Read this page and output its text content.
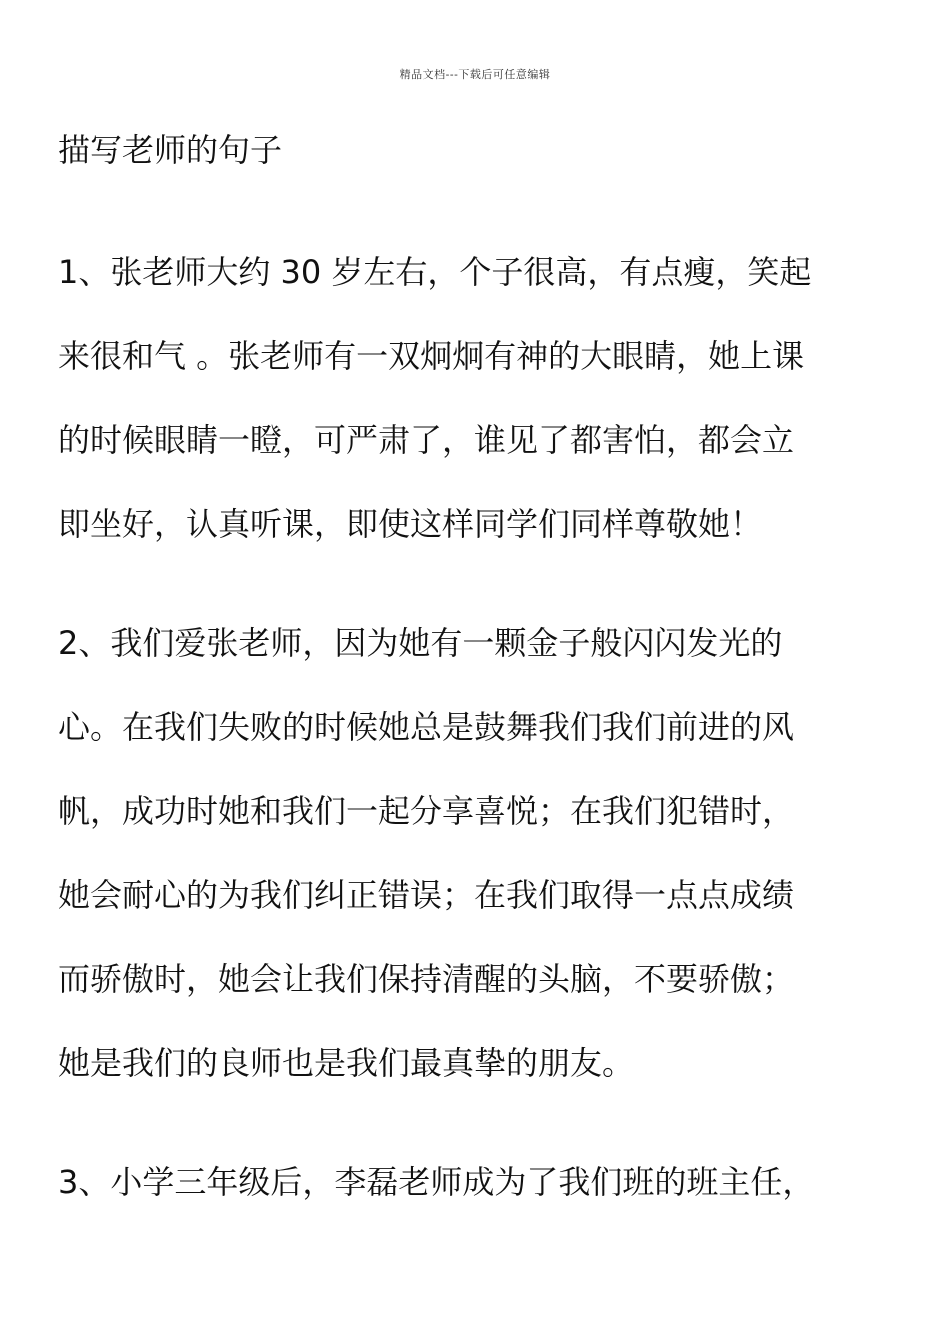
精品文档---下载后可任意编辑
描写老师的句子
1、张老师大约 30 岁左右，个子很高，有点瘦，笑起
来很和气 。张老师有一双炯炯有神的大眼睛，她上课
的时候眼睛一瞪，可严肃了，谁见了都害怕，都会立
即坐好，认真听课，即使这样同学们同样尊敬她！
2、我们爱张老师，因为她有一颗金子般闪闪发光的
心。在我们失败的时候她总是鼓舞我们我们前进的风
帆，成功时她和我们一起分享喜悦；在我们犯错时，
她会耐心的为我们纠正错误；在我们取得一点点成绩
而骄傲时，她会让我们保持清醒的头脑，不要骄傲；
她是我们的良师也是我们最真挚的朋友。
3、小学三年级后，李磊老师成为了我们班的班主任，
